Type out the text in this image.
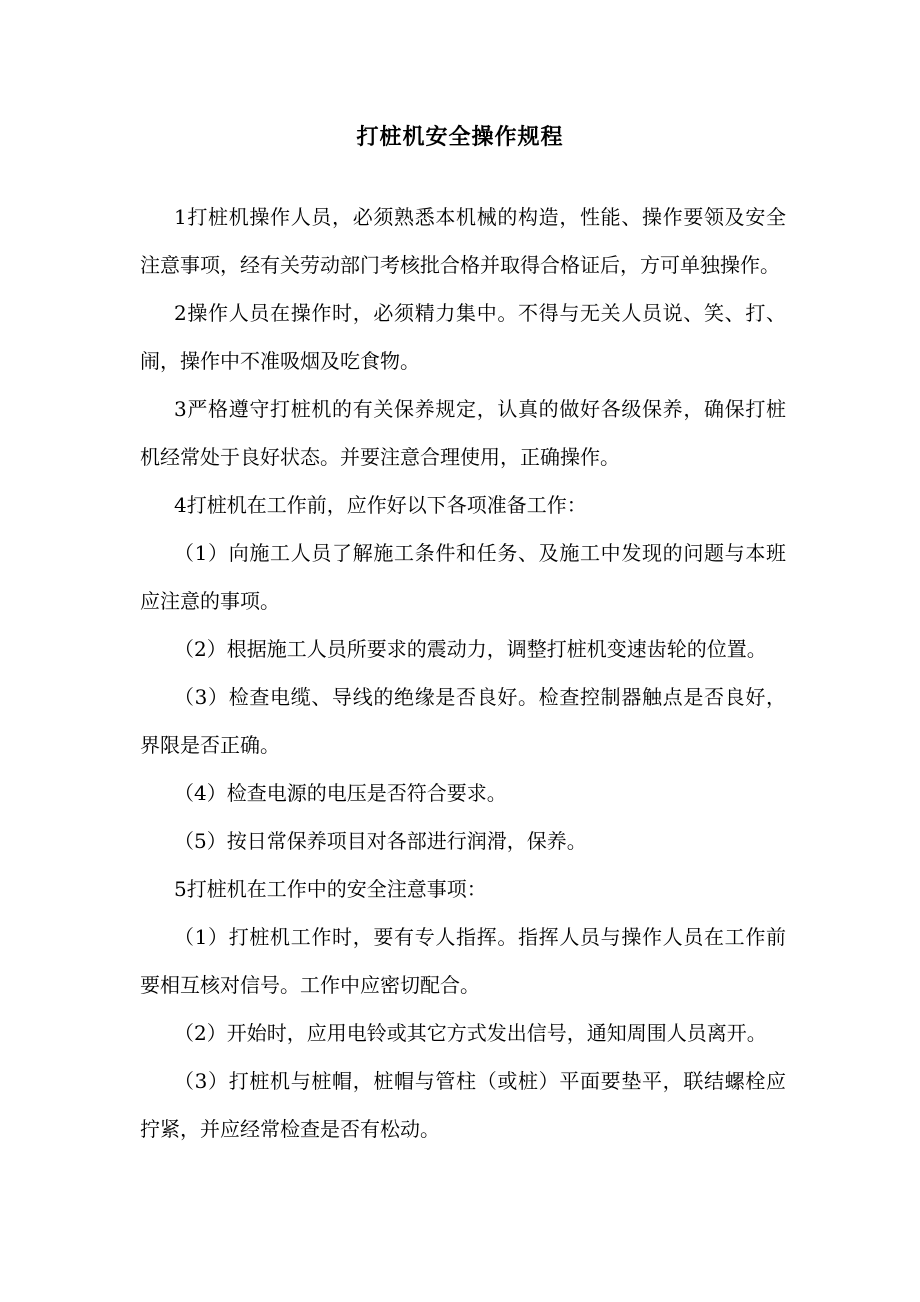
打桩机安全操作规程

1打桩机操作人员，必须熟悉本机械的构造，性能、操作要领及安全注意事项，经有关劳动部门考核批合格并取得合格证后，方可单独操作。

2操作人员在操作时，必须精力集中。不得与无关人员说、笑、打、闹，操作中不准吸烟及吃食物。

3严格遵守打桩机的有关保养规定，认真的做好各级保养，确保打桩机经常处于良好状态。并要注意合理使用，正确操作。

4打桩机在工作前，应作好以下各项准备工作：

（1）向施工人员了解施工条件和任务、及施工中发现的问题与本班应注意的事项。

（2）根据施工人员所要求的震动力，调整打桩机变速齿轮的位置。

（3）检查电缆、导线的绝缘是否良好。检查控制器触点是否良好，界限是否正确。

（4）检查电源的电压是否符合要求。

（5）按日常保养项目对各部进行润滑，保养。

5打桩机在工作中的安全注意事项：

（1）打桩机工作时，要有专人指挥。指挥人员与操作人员在工作前要相互核对信号。工作中应密切配合。

（2）开始时，应用电铃或其它方式发出信号，通知周围人员离开。

（3）打桩机与桩帽，桩帽与管柱（或桩）平面要垫平，联结螺栓应拧紧，并应经常检查是否有松动。
